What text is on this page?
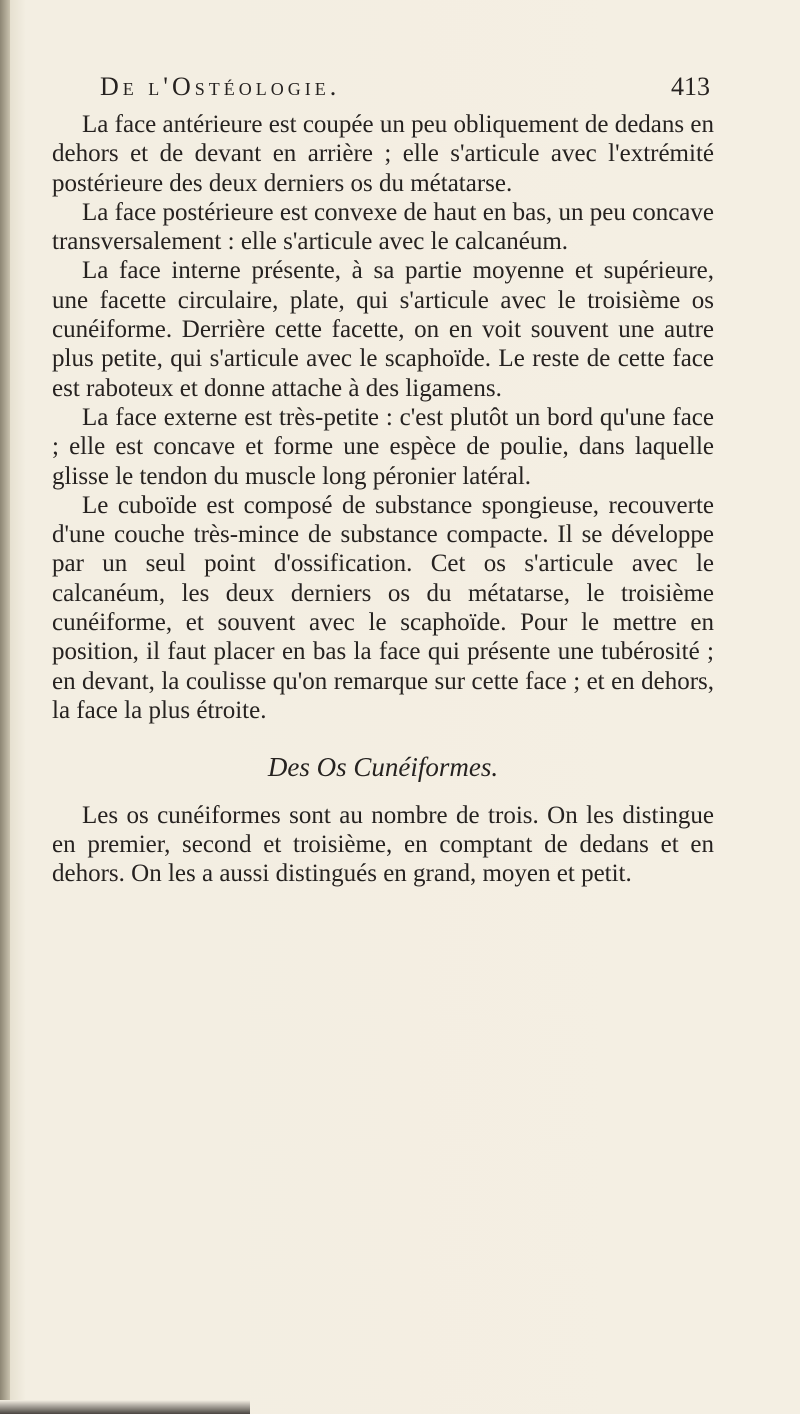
De l'Ostéologie.	413

La face antérieure est coupée un peu obliquement de dedans en dehors et de devant en arrière ; elle s'articule avec l'extrémité postérieure des deux derniers os du métatarse.

La face postérieure est convexe de haut en bas, un peu concave transversalement : elle s'articule avec le calcanéum.

La face interne présente, à sa partie moyenne et supérieure, une facette circulaire, plate, qui s'articule avec le troisième os cunéiforme. Derrière cette facette, on en voit souvent une autre plus petite, qui s'articule avec le scaphoïde. Le reste de cette face est raboteux et donne attache à des ligamens.

La face externe est très-petite : c'est plutôt un bord qu'une face ; elle est concave et forme une espèce de poulie, dans laquelle glisse le tendon du muscle long péronier latéral.

Le cuboïde est composé de substance spongieuse, recouverte d'une couche très-mince de substance compacte. Il se développe par un seul point d'ossification. Cet os s'articule avec le calcanéum, les deux derniers os du métatarse, le troisième cunéiforme, et souvent avec le scaphoïde. Pour le mettre en position, il faut placer en bas la face qui présente une tubérosité ; en devant, la coulisse qu'on remarque sur cette face ; et en dehors, la face la plus étroite.

Des Os Cunéiformes.

Les os cunéiformes sont au nombre de trois. On les distingue en premier, second et troisième, en comptant de dedans et en dehors. On les a aussi distingués en grand, moyen et petit.
